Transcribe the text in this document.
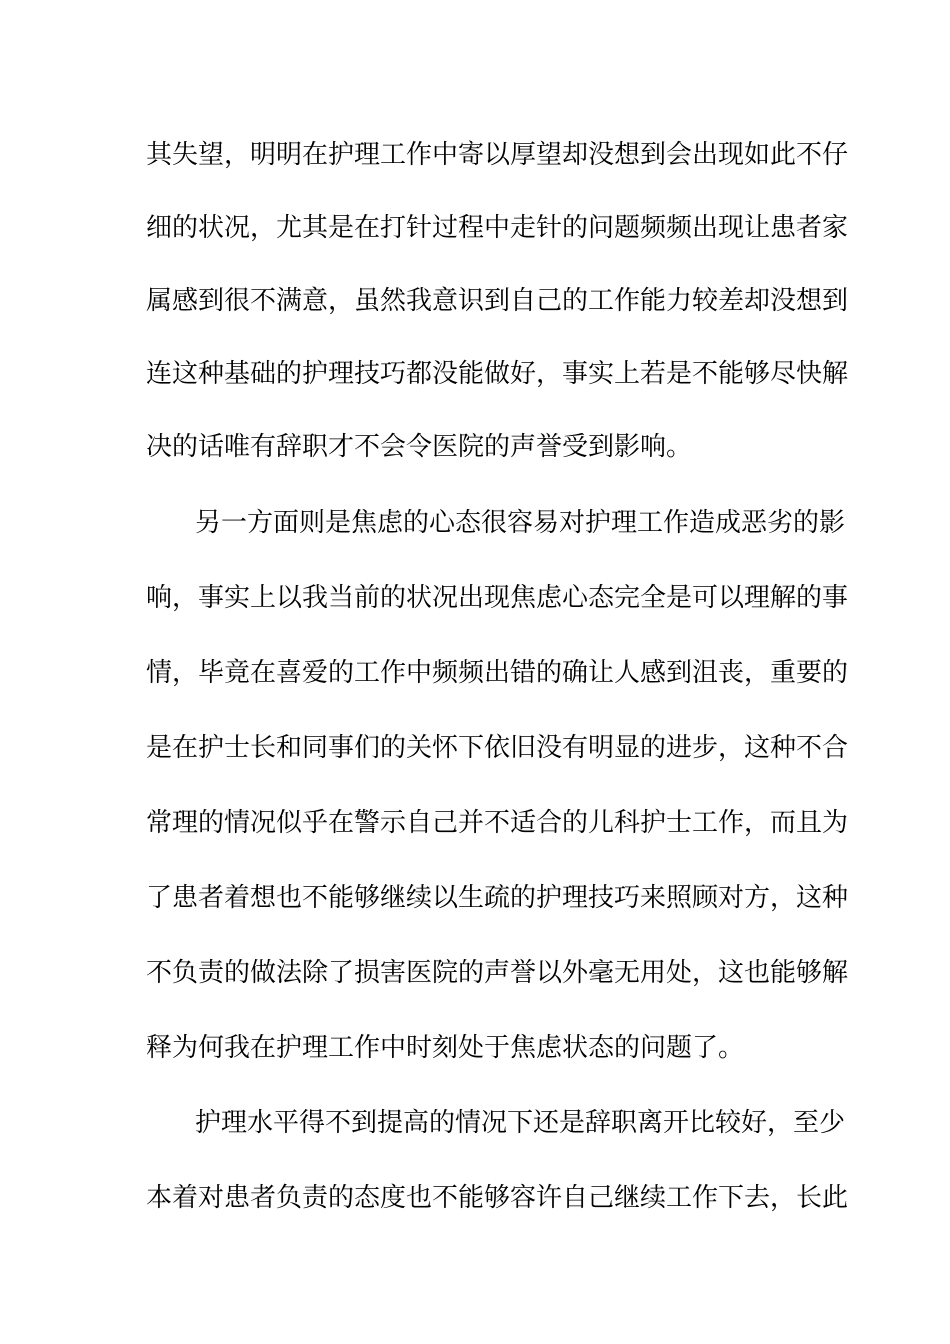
其失望，明明在护理工作中寄以厚望却没想到会出现如此不仔
细的状况，尤其是在打针过程中走针的问题频频出现让患者家
属感到很不满意，虽然我意识到自己的工作能力较差却没想到
连这种基础的护理技巧都没能做好，事实上若是不能够尽快解
决的话唯有辞职才不会令医院的声誉受到影响。
另一方面则是焦虑的心态很容易对护理工作造成恶劣的影
响，事实上以我当前的状况出现焦虑心态完全是可以理解的事
情，毕竟在喜爱的工作中频频出错的确让人感到沮丧，重要的
是在护士长和同事们的关怀下依旧没有明显的进步，这种不合
常理的情况似乎在警示自己并不适合的儿科护士工作，而且为
了患者着想也不能够继续以生疏的护理技巧来照顾对方，这种
不负责的做法除了损害医院的声誉以外毫无用处，这也能够解
释为何我在护理工作中时刻处于焦虑状态的问题了。
护理水平得不到提高的情况下还是辞职离开比较好，至少
本着对患者负责的态度也不能够容许自己继续工作下去，长此
